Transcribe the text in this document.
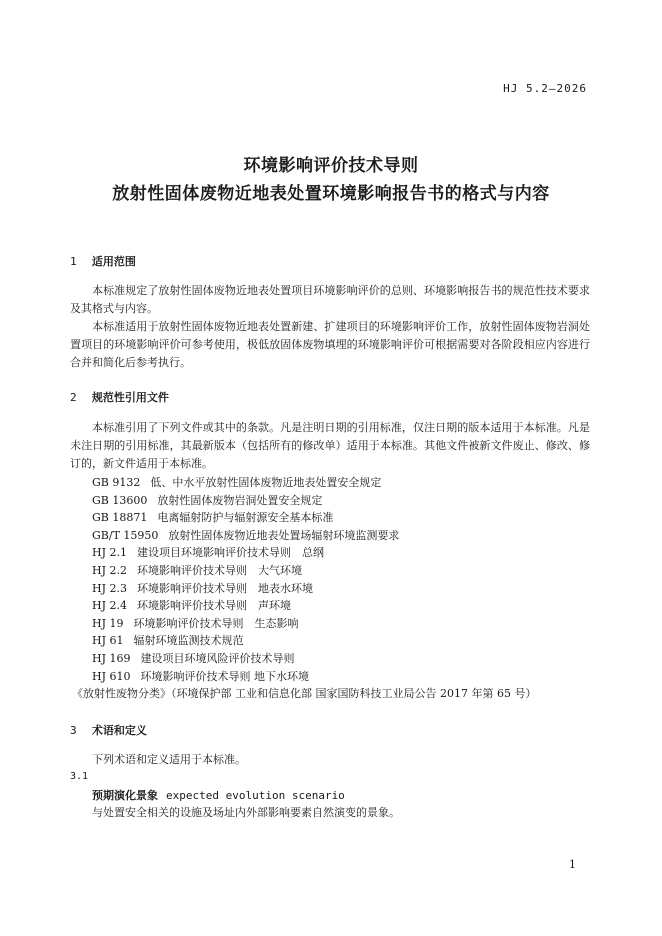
HJ 5.2—2026
环境影响评价技术导则
放射性固体废物近地表处置环境影响报告书的格式与内容
1 适用范围
本标准规定了放射性固体废物近地表处置项目环境影响评价的总则、环境影响报告书的规范性技术要求及其格式与内容。
本标准适用于放射性固体废物近地表处置新建、扩建项目的环境影响评价工作，放射性固体废物岩洞处置项目的环境影响评价可参考使用，极低放固体废物填埋的环境影响评价可根据需要对各阶段相应内容进行合并和简化后参考执行。
2 规范性引用文件
本标准引用了下列文件或其中的条款。凡是注明日期的引用标准，仅注日期的版本适用于本标准。凡是未注日期的引用标准，其最新版本（包括所有的修改单）适用于本标准。其他文件被新文件废止、修改、修订的，新文件适用于本标准。
GB 9132 低、中水平放射性固体废物近地表处置安全规定
GB 13600 放射性固体废物岩洞处置安全规定
GB 18871 电离辐射防护与辐射源安全基本标准
GB/T 15950 放射性固体废物近地表处置场辐射环境监测要求
HJ 2.1 建设项目环境影响评价技术导则　总纲
HJ 2.2 环境影响评价技术导则　大气环境
HJ 2.3 环境影响评价技术导则　地表水环境
HJ 2.4 环境影响评价技术导则　声环境
HJ 19 环境影响评价技术导则　生态影响
HJ 61 辐射环境监测技术规范
HJ 169 建设项目环境风险评价技术导则
HJ 610 环境影响评价技术导则 地下水环境
《放射性废物分类》（环境保护部 工业和信息化部 国家国防科技工业局公告 2017 年第 65 号）
3 术语和定义
下列术语和定义适用于本标准。
3.1
预期演化景象 expected evolution scenario
与处置安全相关的设施及场址内外部影响要素自然演变的景象。
1
